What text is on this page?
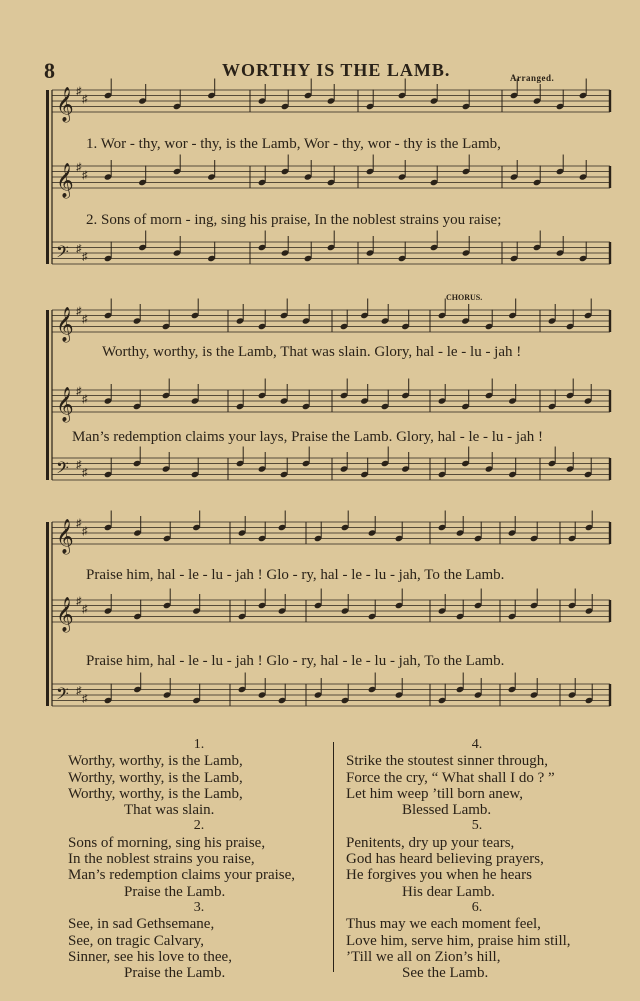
8	WORTHY IS THE LAMB.	Arranged.
CHORUS.
𝄞 ♯
♯
𝄞 ♯
♯
𝄢 ♯
♯
𝄞 ♯
♯
𝄞 ♯
♯
𝄢 ♯
♯
𝄞 ♯
♯
𝄞 ♯
♯
𝄢 ♯
♯
1. Wor - thy, wor - thy, is the Lamb, Wor - thy, wor - thy is the Lamb,
2. Sons of morn - ing, sing his praise, In the noblest strains you raise;
Worthy, worthy, is the Lamb, That was slain. Glory, hal - le - lu - jah !
Man’s redemption claims your lays, Praise the Lamb. Glory, hal - le - lu - jah !
Praise him, hal - le - lu - jah ! Glo - ry, hal - le - lu - jah, To the Lamb.
Praise him, hal - le - lu - jah ! Glo - ry, hal - le - lu - jah, To the Lamb.
1.
Worthy, worthy, is the Lamb,
Worthy, worthy, is the Lamb,
Worthy, worthy, is the Lamb,
That was slain.
2.
Sons of morning, sing his praise,
In the noblest strains you raise,
Man’s redemption claims your praise,
Praise the Lamb.
3.
See, in sad Gethsemane,
See, on tragic Calvary,
Sinner, see his love to thee,
Praise the Lamb.
4.
Strike the stoutest sinner through,
Force the cry, “ What shall I do ? ”
Let him weep ’till born anew,
Blessed Lamb.
5.
Penitents, dry up your tears,
God has heard believing prayers,
He forgives you when he hears
His dear Lamb.
6.
Thus may we each moment feel,
Love him, serve him, praise him still,
’Till we all on Zion’s hill,
See the Lamb.
